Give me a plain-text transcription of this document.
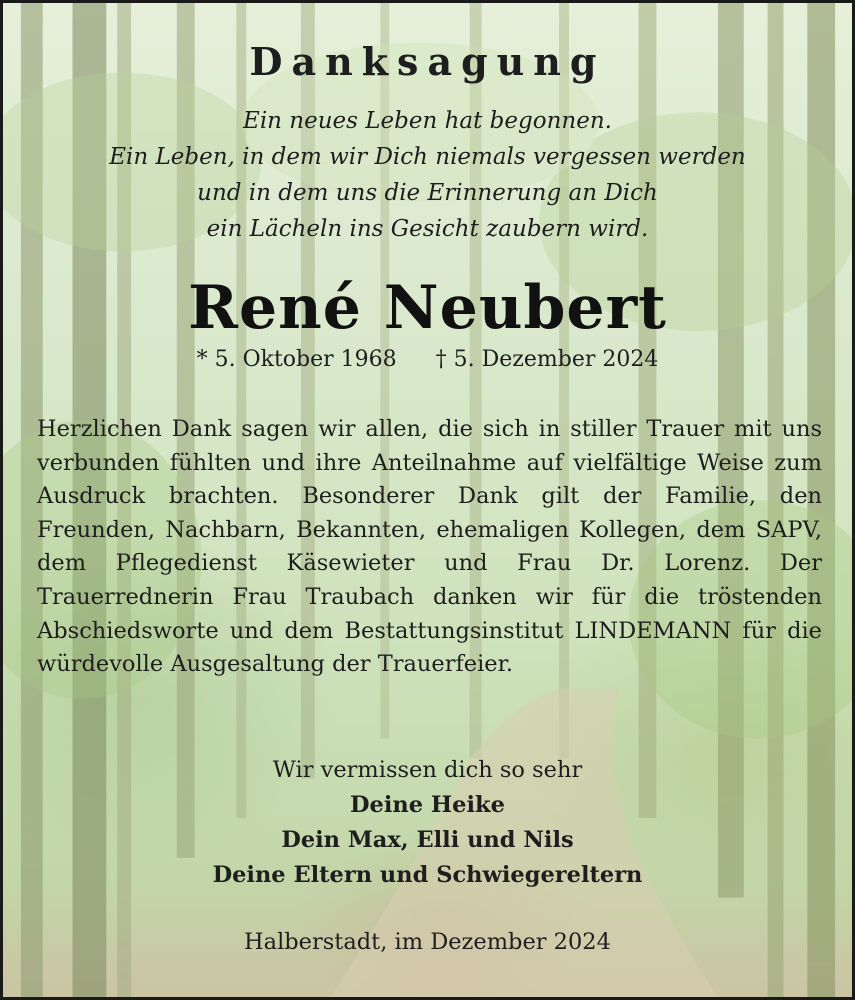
Danksagung
Ein neues Leben hat begonnen.
Ein Leben, in dem wir Dich niemals vergessen werden
und in dem uns die Erinnerung an Dich
ein Lächeln ins Gesicht zaubern wird.
René Neubert
* 5. Oktober 1968 † 5. Dezember 2024
Herzlichen Dank sagen wir allen, die sich in stiller Trauer mit uns verbunden fühlten und ihre Anteilnahme auf vielfältige Weise zum Ausdruck brachten. Besonderer Dank gilt der Familie, den Freunden, Nachbarn, Bekannten, ehemaligen Kollegen, dem SAPV, dem Pflegedienst Käsewieter und Frau Dr. Lorenz. Der Trauerrednerin Frau Traubach danken wir für die tröstenden Abschiedsworte und dem Bestattungsinstitut LINDEMANN für die würdevolle Ausgesaltung der Trauerfeier.
Wir vermissen dich so sehr
Deine Heike
Dein Max, Elli und Nils
Deine Eltern und Schwiegereltern
Halberstadt, im Dezember 2024
